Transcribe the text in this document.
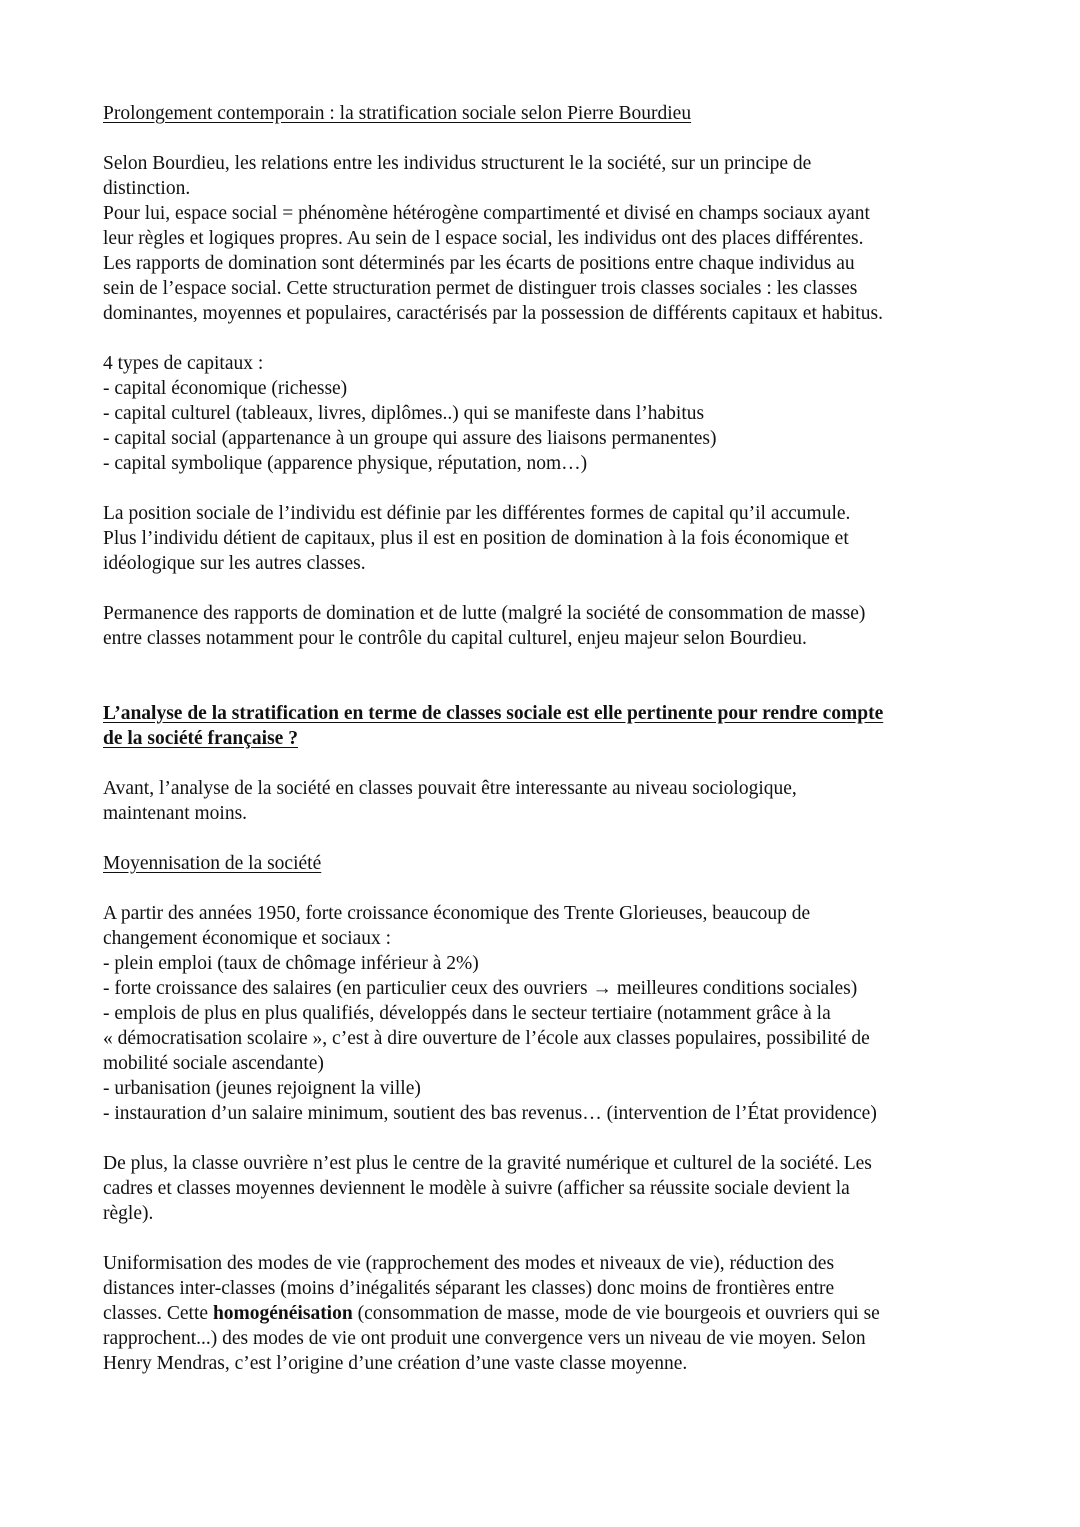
Prolongement contemporain : la stratification sociale selon Pierre Bourdieu

Selon Bourdieu, les relations entre les individus structurent le la société, sur un principe de

distinction.

Pour lui, espace social = phénomène hétérogène compartimenté et divisé en champs sociaux ayant

leur règles et logiques propres. Au sein de l espace social, les individus ont des places différentes.

Les rapports de domination sont déterminés par les écarts de positions entre chaque individus au

sein de l’espace social. Cette structuration permet de distinguer trois classes sociales : les classes

dominantes, moyennes et populaires, caractérisés par la possession de différents capitaux et habitus.

4 types de capitaux :

- capital économique (richesse)

- capital culturel (tableaux, livres, diplômes..) qui se manifeste dans l’habitus

- capital social (appartenance à un groupe qui assure des liaisons permanentes)

- capital symbolique (apparence physique, réputation, nom…)

La position sociale de l’individu est définie par les différentes formes de capital qu’il accumule.

Plus l’individu détient de capitaux, plus il est en position de domination à la fois économique et

idéologique sur les autres classes.

Permanence des rapports de domination et de lutte (malgré la société de consommation de masse)

entre classes notamment pour le contrôle du capital culturel, enjeu majeur selon Bourdieu.

L’analyse de la stratification en terme de classes sociale est elle pertinente pour rendre compte

de la société française ?

Avant, l’analyse de la société en classes pouvait être interessante au niveau sociologique,

maintenant moins.

Moyennisation de la société

A partir des années 1950, forte croissance économique des Trente Glorieuses, beaucoup de

changement économique et sociaux :

- plein emploi (taux de chômage inférieur à 2%)

- forte croissance des salaires (en particulier ceux des ouvriers → meilleures conditions sociales)

- emplois de plus en plus qualifiés, développés dans le secteur tertiaire (notamment grâce à la

« démocratisation scolaire », c’est à dire ouverture de l’école aux classes populaires, possibilité de

mobilité sociale ascendante)

- urbanisation (jeunes rejoignent la ville)

- instauration d’un salaire minimum, soutient des bas revenus… (intervention de l’État providence)

De plus, la classe ouvrière n’est plus le centre de la gravité numérique et culturel de la société. Les

cadres et classes moyennes deviennent le modèle à suivre (afficher sa réussite sociale devient la

règle).

Uniformisation des modes de vie (rapprochement des modes et niveaux de vie), réduction des

distances inter-classes (moins d’inégalités séparant les classes) donc moins de frontières entre

classes. Cette homogénéisation (consommation de masse, mode de vie bourgeois et ouvriers qui se

rapprochent...) des modes de vie ont produit une convergence vers un niveau de vie moyen. Selon

Henry Mendras, c’est l’origine d’une création d’une vaste classe moyenne.
